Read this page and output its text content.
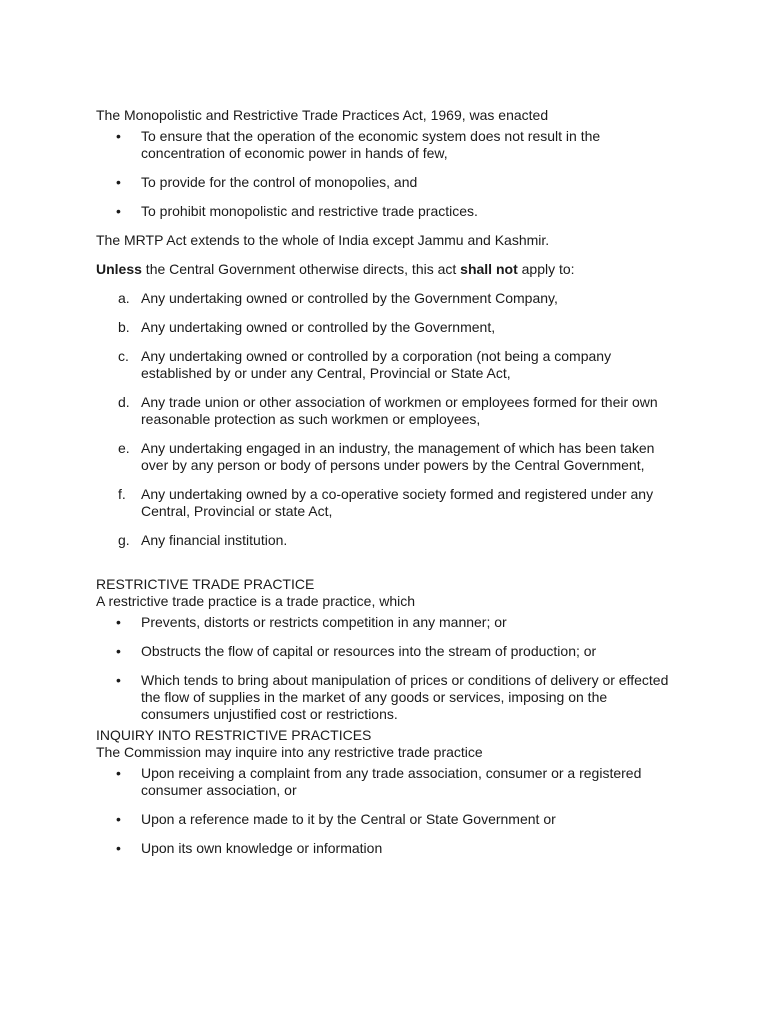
The Monopolistic and Restrictive Trade Practices Act, 1969, was enacted

• To ensure that the operation of the economic system does not result in the concentration of economic power in hands of few,
• To provide for the control of monopolies, and
• To prohibit monopolistic and restrictive trade practices.

The MRTP Act extends to the whole of India except Jammu and Kashmir.

Unless the Central Government otherwise directs, this act shall not apply to:

a. Any undertaking owned or controlled by the Government Company,
b. Any undertaking owned or controlled by the Government,
c. Any undertaking owned or controlled by a corporation (not being a company established by or under any Central, Provincial or State Act,
d. Any trade union or other association of workmen or employees formed for their own reasonable protection as such workmen or employees,
e. Any undertaking engaged in an industry, the management of which has been taken over by any person or body of persons under powers by the Central Government,
f. Any undertaking owned by a co-operative society formed and registered under any Central, Provincial or state Act,
g. Any financial institution.

RESTRICTIVE TRADE PRACTICE

A restrictive trade practice is a trade practice, which

• Prevents, distorts or restricts competition in any manner; or
• Obstructs the flow of capital or resources into the stream of production; or
• Which tends to bring about manipulation of prices or conditions of delivery or effected the flow of supplies in the market of any goods or services, imposing on the consumers unjustified cost or restrictions.

INQUIRY INTO RESTRICTIVE PRACTICES

The Commission may inquire into any restrictive trade practice

• Upon receiving a complaint from any trade association, consumer or a registered consumer association, or
• Upon a reference made to it by the Central or State Government or
• Upon its own knowledge or information
